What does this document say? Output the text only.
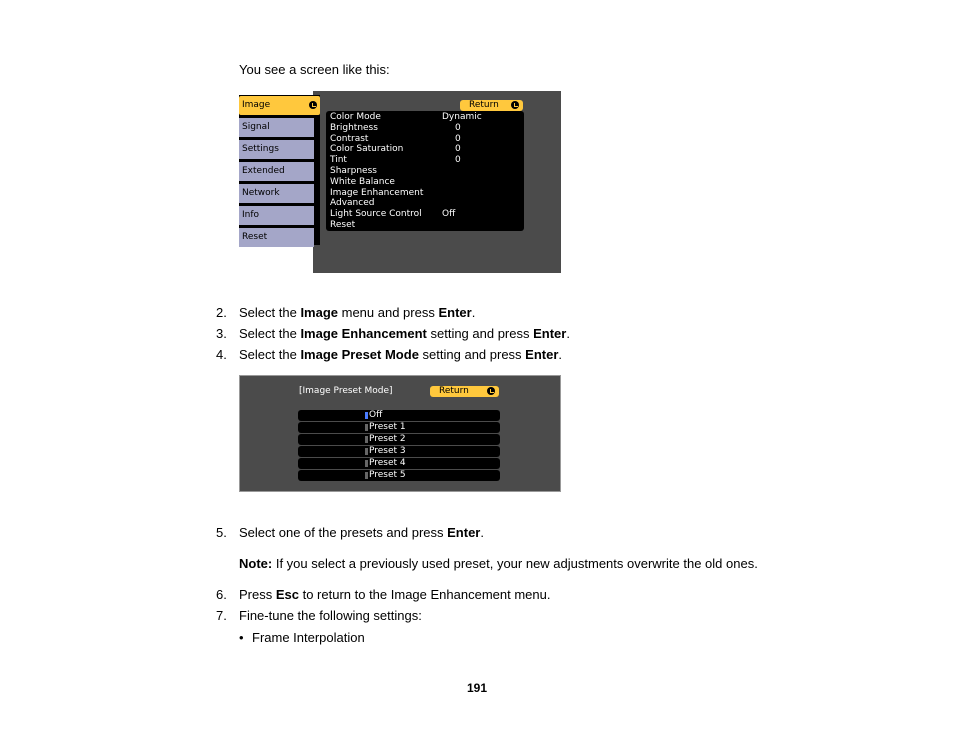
You see a screen like this:
Image
Signal
Settings
Extended
Network
Info
Reset
Return
Color Mode	Dynamic
Brightness	0
Contrast	0
Color Saturation	0
Tint	0
Sharpness
White Balance
Image Enhancement
Advanced
Light Source Control Off
Reset
2. Select the Image menu and press Enter.
3. Select the Image Enhancement setting and press Enter.
4. Select the Image Preset Mode setting and press Enter.
[Image Preset Mode]	Return
Off
Preset 1
Preset 2
Preset 3
Preset 4
Preset 5
5. Select one of the presets and press Enter.
Note: If you select a previously used preset, your new adjustments overwrite the old ones.
6. Press Esc to return to the Image Enhancement menu.
7. Fine-tune the following settings:
• Frame Interpolation
191
